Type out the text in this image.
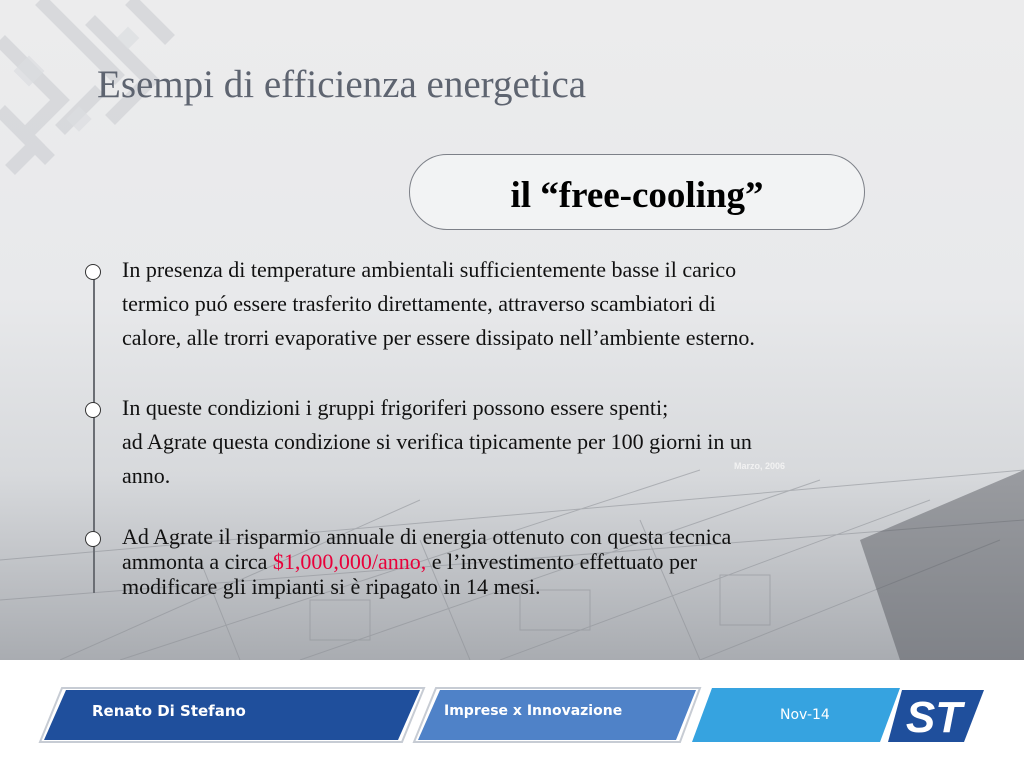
Esempi di efficienza energetica
il “free-cooling”
In presenza di temperature ambientali sufficientemente basse il carico
termico puó essere trasferito direttamente, attraverso scambiatori di
calore, alle trorri evaporative per essere dissipato nell’ambiente esterno.
In queste condizioni i gruppi frigoriferi possono essere spenti;
ad Agrate questa condizione si verifica tipicamente per 100 giorni in un
anno.	Marzo, 2006
Ad Agrate il risparmio annuale di energia ottenuto con questa tecnica
ammonta a circa $1,000,000/anno, e l’investimento effettuato per
modificare gli impianti si è ripagato in 14 mesi.
Renato Di Stefano	Imprese x Innovazione	Nov-14 ST
